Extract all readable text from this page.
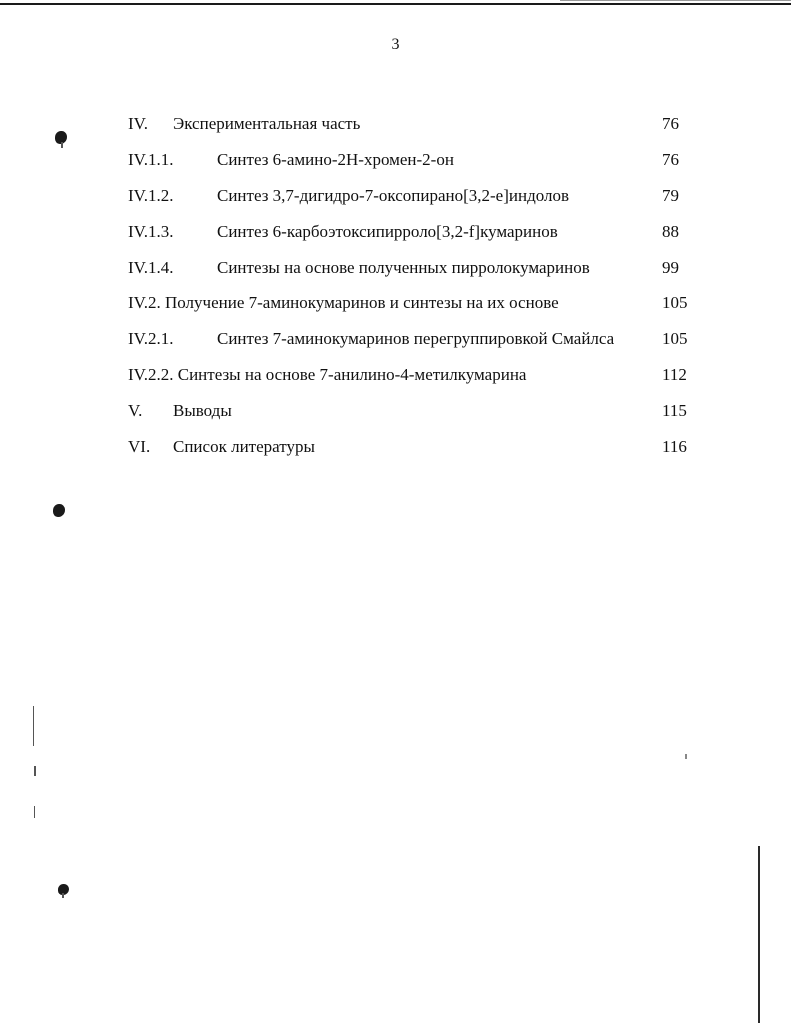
3
IV. Экспериментальная часть	76
IV.1.1.	Синтез 6-амино-2H-хромен-2-он	76
IV.1.2.	Синтез 3,7-дигидро-7-оксопирано[3,2-e]индолов	79
IV.1.3.	Синтез 6-карбоэтоксипирроло[3,2-f]кумаринов	88
IV.1.4.	Синтезы на основе полученных пирролокумаринов	99
IV.2. Получение 7-аминокумаринов и синтезы на их основе	105
IV.2.1.	Синтез 7-аминокумаринов перегруппировкой Смайлса	105
IV.2.2. Синтезы на основе 7-анилино-4-метилкумарина	112
V. Выводы	115
VI. Список литературы	116
